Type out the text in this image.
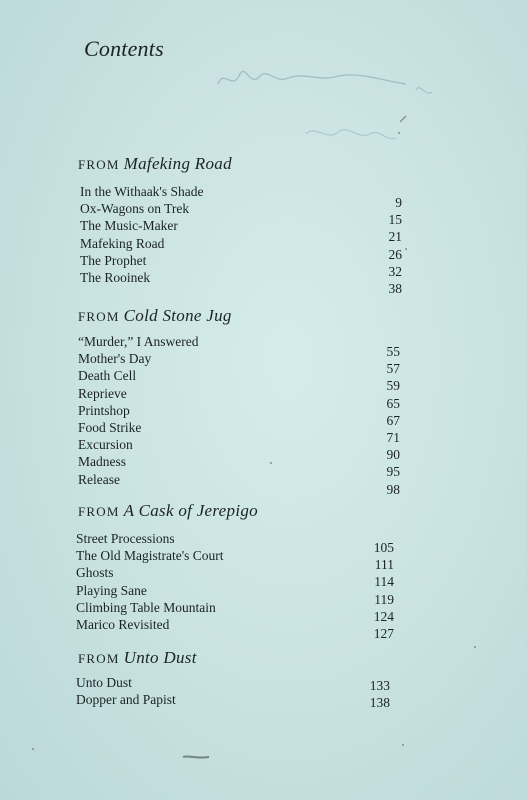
Contents
FROM Mafeking Road
In the Withaak's Shade
Ox-Wagons on Trek
The Music-Maker
Mafeking Road
The Prophet
The Rooinek
9
15
21
26
32
38
FROM Cold Stone Jug
“Murder,” I Answered
Mother's Day
Death Cell
Reprieve
Printshop
Food Strike
Excursion
Madness
Release
55
57
59
65
67
71
90
95
98
FROM A Cask of Jerepigo
Street Processions
The Old Magistrate's Court
Ghosts
Playing Sane
Climbing Table Mountain
Marico Revisited
105
111
114
119
124
127
FROM Unto Dust
Unto Dust
Dopper and Papist
133
138
